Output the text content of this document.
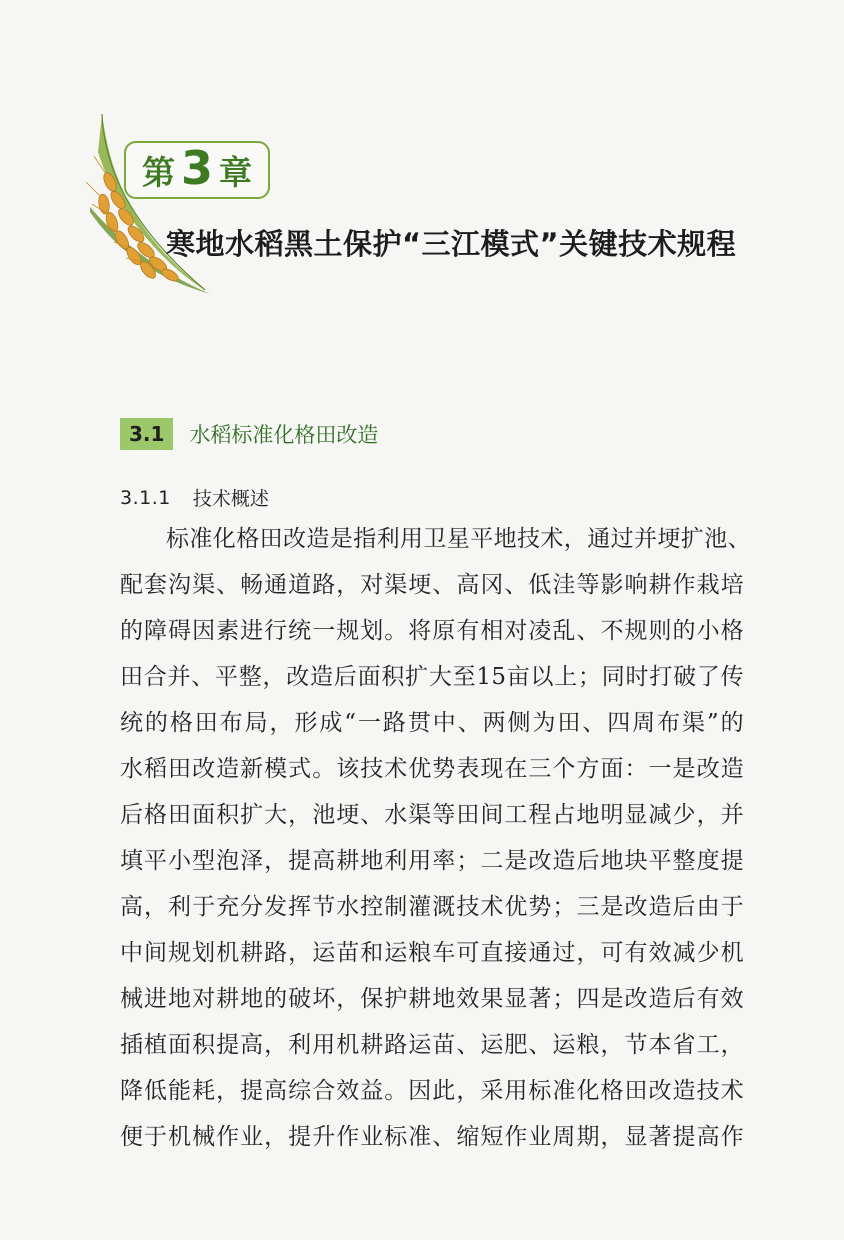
第 3 章
寒地水稻黑土保护“三江模式”关键技术规程
3.1	水稻标准化格田改造
3.1.1 技术概述
标准化格田改造是指利用卫星平地技术，通过并埂扩池、
配套沟渠、畅通道路，对渠埂、高冈、低洼等影响耕作栽培
的障碍因素进行统一规划。将原有相对凌乱、不规则的小格
田合并、平整，改造后面积扩大至15亩以上；同时打破了传
统的格田布局，形成“一路贯中、两侧为田、四周布渠”的
水稻田改造新模式。该技术优势表现在三个方面：一是改造
后格田面积扩大，池埂、水渠等田间工程占地明显减少，并
填平小型泡泽，提高耕地利用率；二是改造后地块平整度提
高，利于充分发挥节水控制灌溉技术优势；三是改造后由于
中间规划机耕路，运苗和运粮车可直接通过，可有效减少机
械进地对耕地的破坏，保护耕地效果显著；四是改造后有效
插植面积提高，利用机耕路运苗、运肥、运粮，节本省工，
降低能耗，提高综合效益。因此，采用标准化格田改造技术
便于机械作业，提升作业标准、缩短作业周期，显著提高作
